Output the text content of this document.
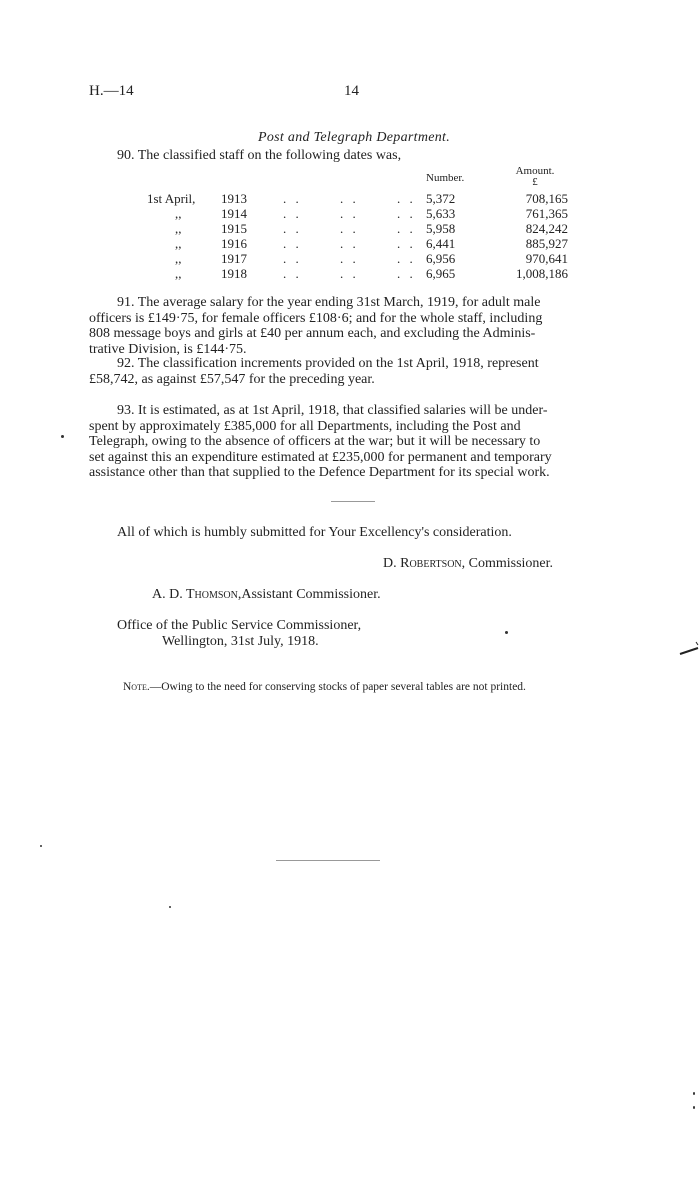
H.—14	14
Post and Telegraph Department.
90. The classified staff on the following dates was,
Number.
Amount.
£
1st April,	1913	. .	. .	. . 5,372	708,165
,,	1914	. .	. .	. . 5,633	761,365
,,	1915	. .	. .	. . 5,958	824,242
,,	1916	. .	. .	. . 6,441	885,927
,,	1917	. .	. .	. . 6,956	970,641
,,	1918	. .	. .	. . 6,965	1,008,186
91. The average salary for the year ending 31st March, 1919, for adult male
officers is £149·75, for female officers £108·6; and for the whole staff, including
808 message boys and girls at £40 per annum each, and excluding the Adminis-
trative Division, is £144·75.
92. The classification increments provided on the 1st April, 1918, represent
£58,742, as against £57,547 for the preceding year.
93. It is estimated, as at 1st April, 1918, that classified salaries will be under-
spent by approximately £385,000 for all Departments, including the Post and
Telegraph, owing to the absence of officers at the war; but it will be necessary to
set against this an expenditure estimated at £235,000 for permanent and temporary
assistance other than that supplied to the Defence Department for its special work.
All of which is humbly submitted for Your Excellency's consideration.
D. Robertson, Commissioner.
A. D. Thomson,Assistant Commissioner.
Office of the Public Service Commissioner,
Wellington, 31st July, 1918.
Note.—Owing to the need for conserving stocks of paper several tables are not printed.
